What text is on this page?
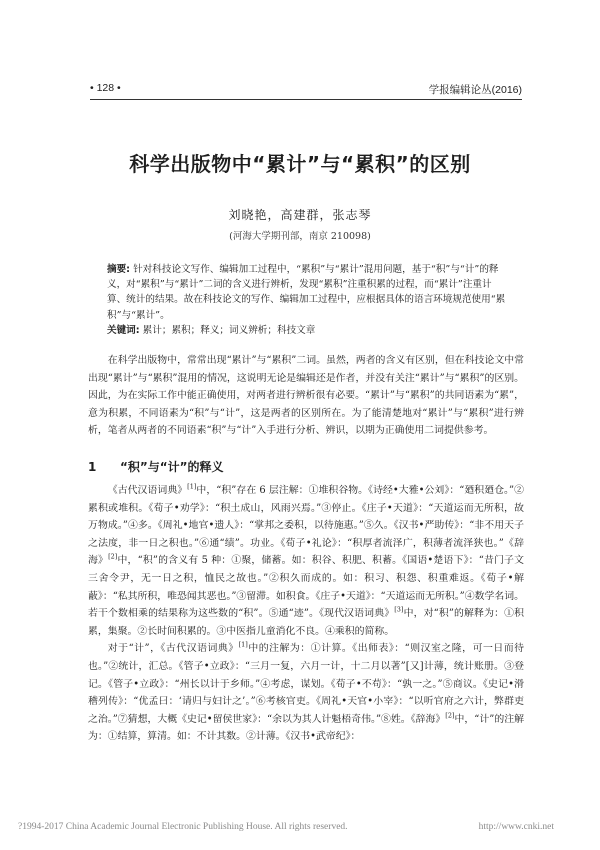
• 128 •	学报编辑论丛(2016)
科学出版物中“累计”与“累积”的区别
刘晓艳，高建群，张志琴
(河海大学期刊部，南京 210098)
摘要: 针对科技论文写作、编辑加工过程中，“累积”与“累计”混用问题，基于“积”与“计”的释义，对“累积”与“累计”二词的含义进行辨析，发现“累积”注重积累的过程，而“累计”注重计算、统计的结果。故在科技论文的写作、编辑加工过程中，应根据具体的语言环境规范使用“累积”与“累计”。
关键词: 累计；累积；释义；词义辨析；科技文章

在科学出版物中，常常出现“累计”与“累积”二词。虽然，两者的含义有区别，但在科技论文中常出现“累计”与“累积”混用的情况，这说明无论是编辑还是作者，并没有关注“累计”与“累积”的区别。因此，为在实际工作中能正确使用，对两者进行辨析很有必要。“累计”与“累积”的共同语素为“累”，意为积累，不同语素为“积”与“计”，这是两者的区别所在。为了能清楚地对“累计”与“累积”进行辨析，笔者从两者的不同语素“积”与“计”入手进行分析、辨识，以期为正确使用二词提供参考。

1 “积”与“计”的释义

《古代汉语词典》[1]中，“积”存在 6 层注解：①堆积谷物。《诗经•大雅•公刘》：“廼积廼仓。”②累积或堆积。《荀子•劝学》：“积土成山，风雨兴焉。”③停止。《庄子•天道》：“天道运而无所积，故万物成。”④多。《周礼•地官•遗人》：“掌邦之委积，以待施惠。”⑤久。《汉书•严助传》：“非不用天子之法度，非一日之积也。”⑥通“绩”。功业。《荀子•礼论》：“积厚者流泽广，积薄者流泽狭也。”《辞海》[2]中，“积”的含义有 5 种：①聚，储蓄。如：积谷、积肥、积蓄。《国语•楚语下》：“昔门子文三舍令尹，无一日之积，恤民之故也。”②积久而成的。如：积习、积怨、积重难返。《荀子•解蔽》：“私其所积，唯恐闻其恶也。”③留滞。如积食。《庄子•天道》：“天道运而无所积。”④数学名词。若干个数相乘的结果称为这些数的“积”。⑤通“迹”。《现代汉语词典》[3]中，对“积”的解释为：①积累，集聚。②长时间积累的。③中医指儿童消化不良。④乘积的简称。

对于“计”，《古代汉语词典》[1]中的注解为：①计算。《出师表》：“则汉室之隆，可一日而待也。”②统计，汇总。《管子•立政》：“三月一复，六月一计，十二月以著”[又]计薄，统计账册。③登记。《管子•立政》：“州长以计于乡师。”④考虑，谋划。《荀子•不苟》：“孰一之。”⑤商议。《史记•滑稽列传》：“优孟曰：‘请归与妇计之’。”⑥考核官吏。《周礼•天官•小宰》：“以听官府之六计，弊群吏之治。”⑦猜想，大概《史记•留侯世家》：“余以为其人计魁梧奇伟。”⑧姓。《辞海》[2]中，“计”的注解为：①结算，算清。如：不计其数。②计薄。《汉书•武帝纪》：

?1994-2017 China Academic Journal Electronic Publishing House. All rights reserved.	http://www.cnki.net
